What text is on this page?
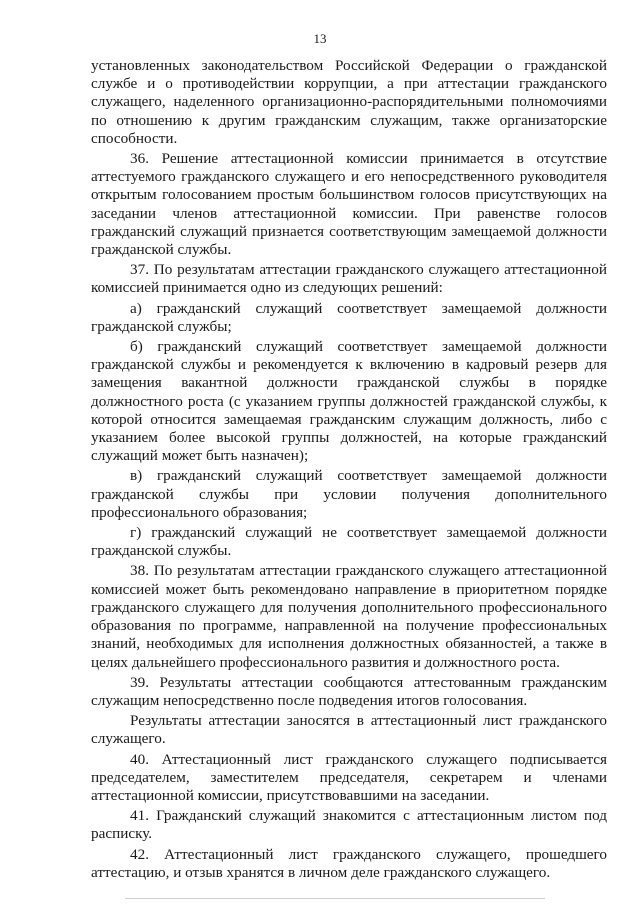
13

установленных законодательством Российской Федерации о гражданской службе и о противодействии коррупции, а при аттестации гражданского служащего, наделенного организационно-распорядительными полномочиями по отношению к другим гражданским служащим, также организаторские способности.

36. Решение аттестационной комиссии принимается в отсутствие аттестуемого гражданского служащего и его непосредственного руководителя открытым голосованием простым большинством голосов присутствующих на заседании членов аттестационной комиссии. При равенстве голосов гражданский служащий признается соответствующим замещаемой должности гражданской службы.

37. По результатам аттестации гражданского служащего аттестационной комиссией принимается одно из следующих решений:

а) гражданский служащий соответствует замещаемой должности гражданской службы;

б) гражданский служащий соответствует замещаемой должности гражданской службы и рекомендуется к включению в кадровый резерв для замещения вакантной должности гражданской службы в порядке должностного роста (с указанием группы должностей гражданской службы, к которой относится замещаемая гражданским служащим должность, либо с указанием более высокой группы должностей, на которые гражданский служащий может быть назначен);

в) гражданский служащий соответствует замещаемой должности гражданской службы при условии получения дополнительного профессионального образования;

г) гражданский служащий не соответствует замещаемой должности гражданской службы.

38. По результатам аттестации гражданского служащего аттестационной комиссией может быть рекомендовано направление в приоритетном порядке гражданского служащего для получения дополнительного профессионального образования по программе, направленной на получение профессиональных знаний, необходимых для исполнения должностных обязанностей, а также в целях дальнейшего профессионального развития и должностного роста.

39. Результаты аттестации сообщаются аттестованным гражданским служащим непосредственно после подведения итогов голосования.

Результаты аттестации заносятся в аттестационный лист гражданского служащего.

40. Аттестационный лист гражданского служащего подписывается председателем, заместителем председателя, секретарем и членами аттестационной комиссии, присутствовавшими на заседании.

41. Гражданский служащий знакомится с аттестационным листом под расписку.

42. Аттестационный лист гражданского служащего, прошедшего аттестацию, и отзыв хранятся в личном деле гражданского служащего.
